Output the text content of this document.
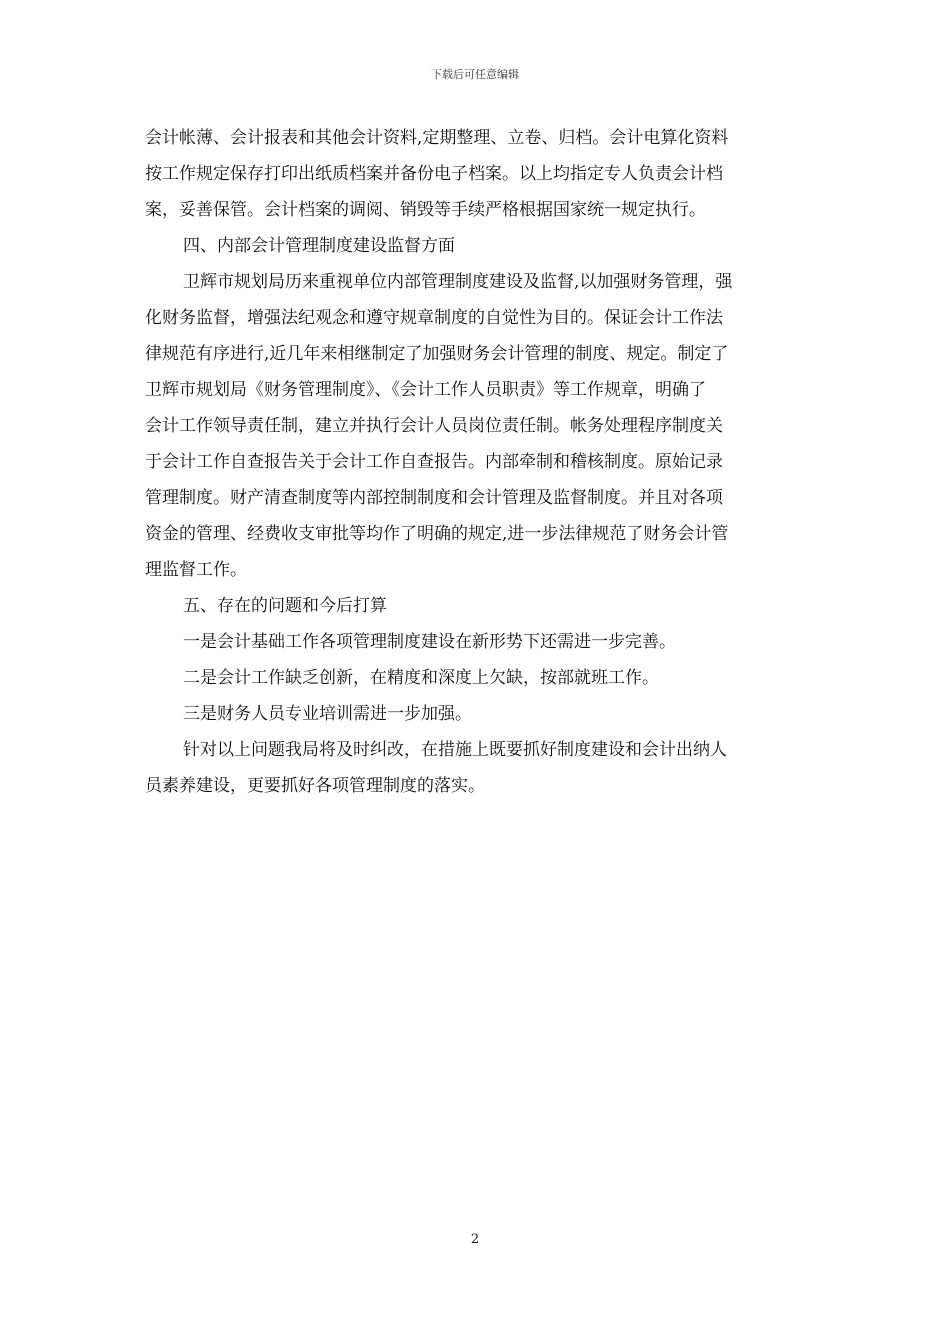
下载后可任意编辑
会计帐薄、会计报表和其他会计资料,定期整理、立卷、归档。会计电算化资料
按工作规定保存打印出纸质档案并备份电子档案。以上均指定专人负责会计档
案，妥善保管。会计档案的调阅、销毁等手续严格根据国家统一规定执行。
四、内部会计管理制度建设监督方面
卫辉市规划局历来重视单位内部管理制度建设及监督,以加强财务管理，强
化财务监督，增强法纪观念和遵守规章制度的自觉性为目的。保证会计工作法
律规范有序进行,近几年来相继制定了加强财务会计管理的制度、规定。制定了
卫辉市规划局《财务管理制度》、《会计工作人员职责》等工作规章，明确了
会计工作领导责任制，建立并执行会计人员岗位责任制。帐务处理程序制度关
于会计工作自查报告关于会计工作自查报告。内部牵制和稽核制度。原始记录
管理制度。财产清查制度等内部控制制度和会计管理及监督制度。并且对各项
资金的管理、经费收支审批等均作了明确的规定,进一步法律规范了财务会计管
理监督工作。
五、存在的问题和今后打算
一是会计基础工作各项管理制度建设在新形势下还需进一步完善。
二是会计工作缺乏创新，在精度和深度上欠缺，按部就班工作。
三是财务人员专业培训需进一步加强。
针对以上问题我局将及时纠改，在措施上既要抓好制度建设和会计出纳人
员素养建设，更要抓好各项管理制度的落实。
2
